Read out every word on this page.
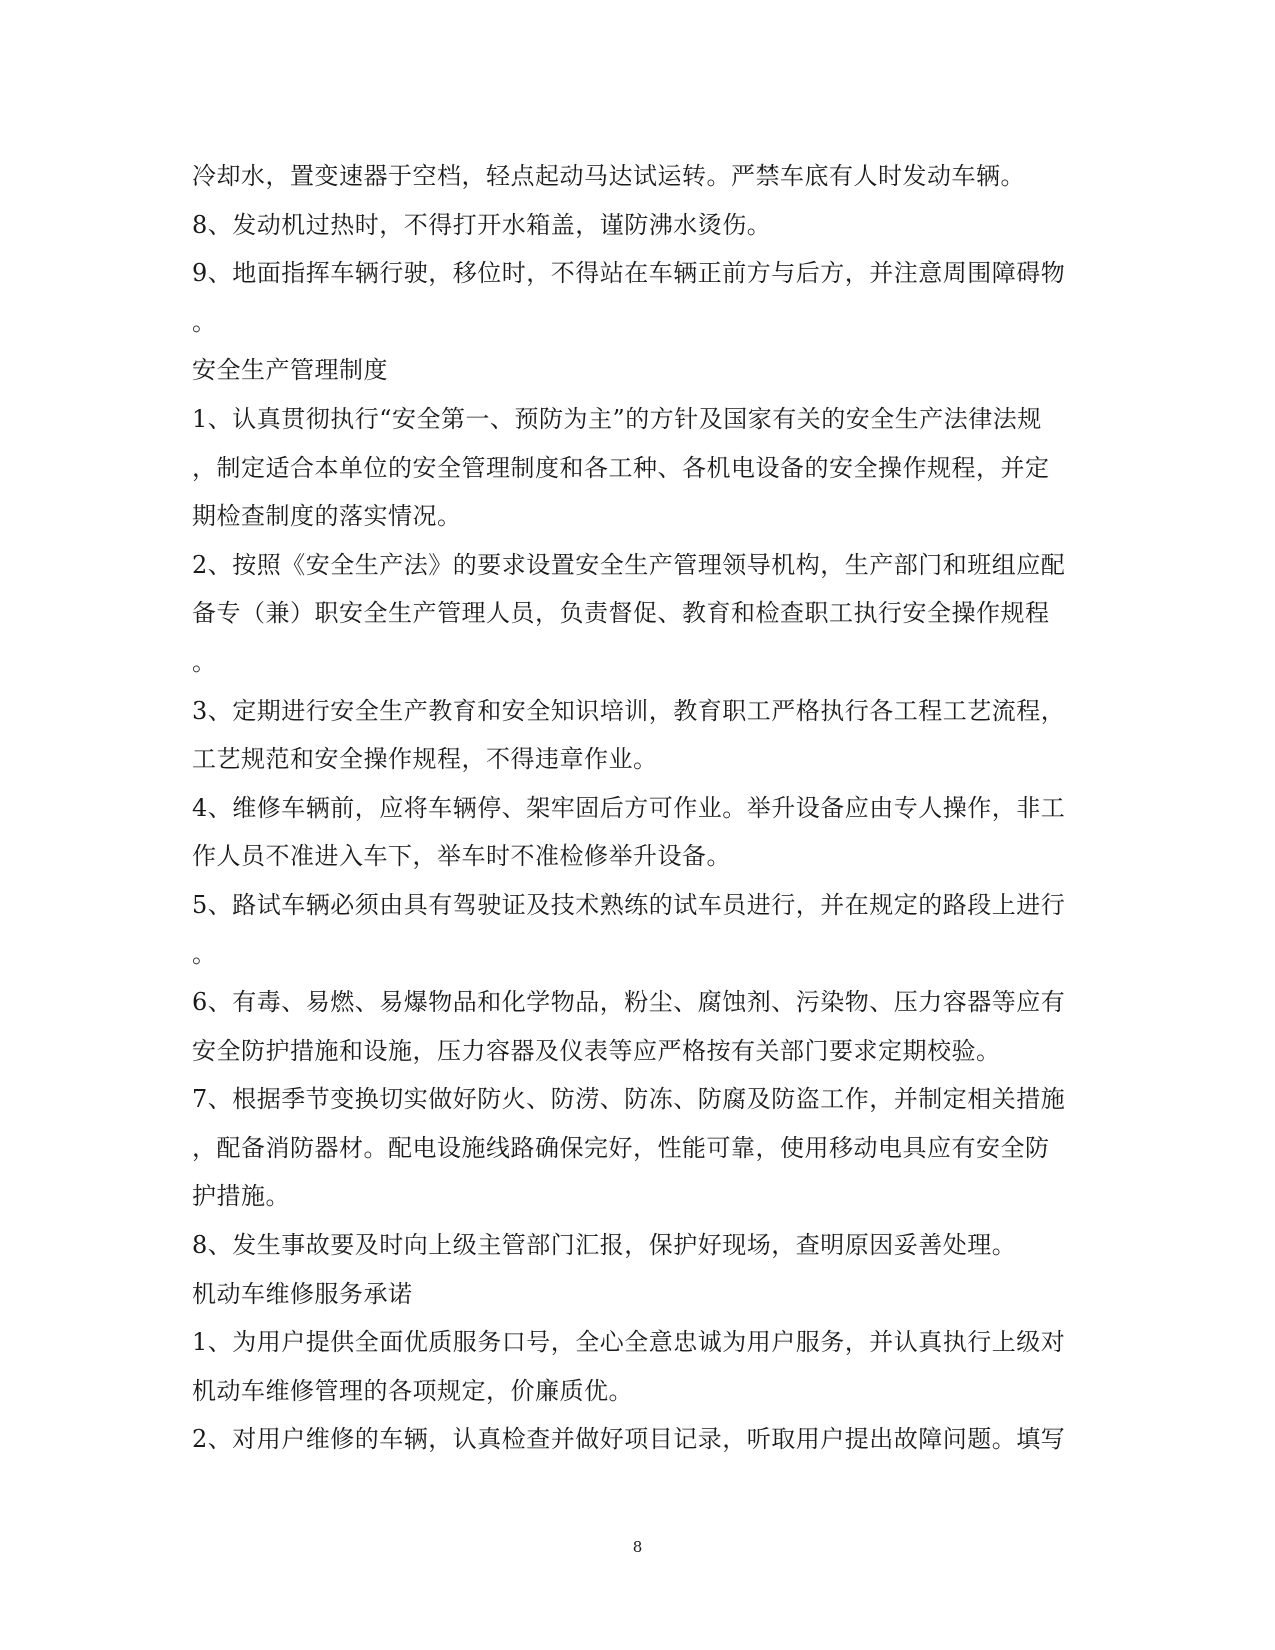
冷却水，置变速器于空档，轻点起动马达试运转。严禁车底有人时发动车辆。
8、发动机过热时，不得打开水箱盖，谨防沸水烫伤。
9、地面指挥车辆行驶，移位时，不得站在车辆正前方与后方，并注意周围障碍物
。
安全生产管理制度
1、认真贯彻执行“安全第一、预防为主”的方针及国家有关的安全生产法律法规
，制定适合本单位的安全管理制度和各工种、各机电设备的安全操作规程，并定
期检查制度的落实情况。
2、按照《安全生产法》的要求设置安全生产管理领导机构，生产部门和班组应配
备专（兼）职安全生产管理人员，负责督促、教育和检查职工执行安全操作规程
。
3、定期进行安全生产教育和安全知识培训，教育职工严格执行各工程工艺流程，
工艺规范和安全操作规程，不得违章作业。
4、维修车辆前，应将车辆停、架牢固后方可作业。举升设备应由专人操作，非工
作人员不准进入车下，举车时不准检修举升设备。
5、路试车辆必须由具有驾驶证及技术熟练的试车员进行，并在规定的路段上进行
。
6、有毒、易燃、易爆物品和化学物品，粉尘、腐蚀剂、污染物、压力容器等应有
安全防护措施和设施，压力容器及仪表等应严格按有关部门要求定期校验。
7、根据季节变换切实做好防火、防涝、防冻、防腐及防盗工作，并制定相关措施
，配备消防器材。配电设施线路确保完好，性能可靠，使用移动电具应有安全防
护措施。
8、发生事故要及时向上级主管部门汇报，保护好现场，查明原因妥善处理。
机动车维修服务承诺
1、为用户提供全面优质服务口号，全心全意忠诚为用户服务，并认真执行上级对
机动车维修管理的各项规定，价廉质优。
2、对用户维修的车辆，认真检查并做好项目记录，听取用户提出故障问题。填写
8
